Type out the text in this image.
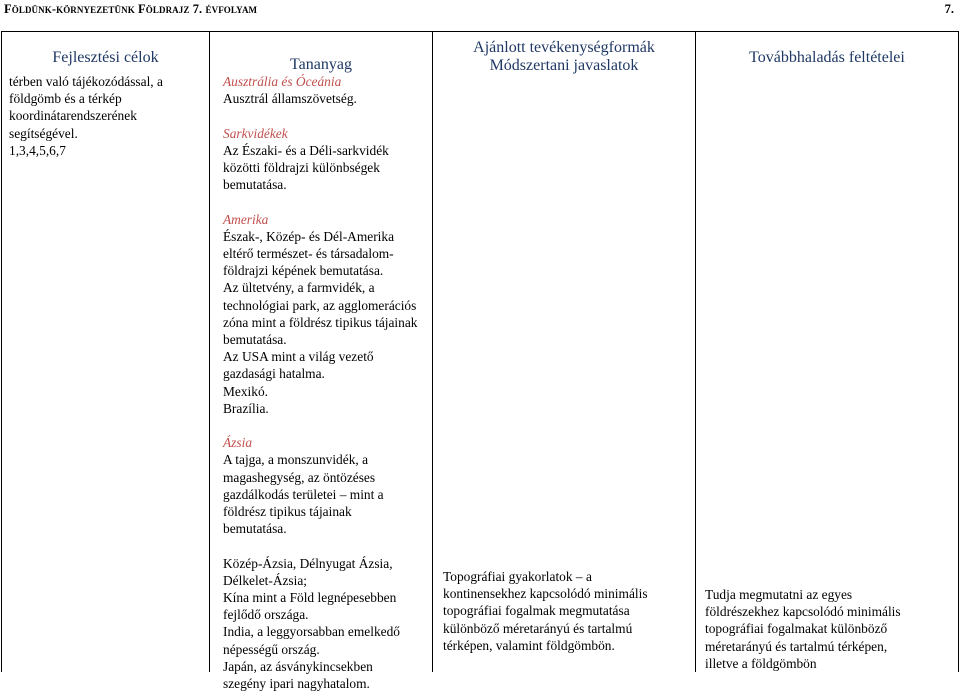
Földünk-környezetünk Földrajz 7. évfolyam	7.
Fejlesztési célok
térben való tájékozódással, a
földgömb és a térkép
koordinátarendszerének
segítségével.
1,3,4,5,6,7
Tananyag
Ausztrália és Óceánia
Ausztrál államszövetség.
Sarkvidékek
Az Északi- és a Déli-sarkvidék
közötti földrajzi különbségek
bemutatása.
Amerika
Észak-, Közép- és Dél-Amerika
eltérő természet- és társadalom-
földrajzi képének bemutatása.
Az ültetvény, a farmvidék, a
technológiai park, az agglomerációs
zóna mint a földrész tipikus tájainak
bemutatása.
Az USA mint a világ vezető
gazdasági hatalma.
Mexikó.
Brazília.
Ázsia
A tajga, a monszunvidék, a
magashegység, az öntözéses
gazdálkodás területei – mint a
földrész tipikus tájainak
bemutatása.
Közép-Ázsia, Délnyugat Ázsia,
Délkelet-Ázsia;
Kína mint a Föld legnépesebben
fejlődő országa.
India, a leggyorsabban emelkedő
népességű ország.
Japán, az ásványkincsekben
szegény ipari nagyhatalom.
Ajánlott tevékenységformák
Módszertani javaslatok
Topográfiai gyakorlatok – a
kontinensekhez kapcsolódó minimális
topográfiai fogalmak megmutatása
különböző méretarányú és tartalmú
térképen, valamint földgömbön.
Továbbhaladás feltételei
Tudja megmutatni az egyes
földrészekhez kapcsolódó minimális
topográfiai fogalmakat különböző
méretarányú és tartalmú térképen,
illetve a földgömbön
